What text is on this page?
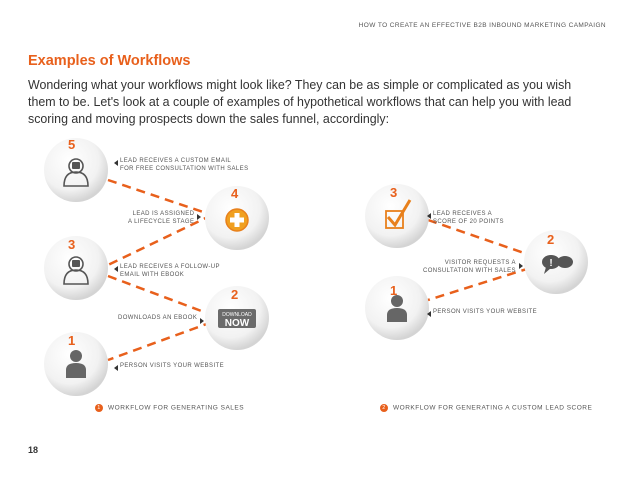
HOW TO CREATE AN EFFECTIVE B2B INBOUND MARKETING CAMPAIGN
Examples of Workflows
Wondering what your workflows might look like? They can be as simple or complicated as you wish them to be. Let's look at a couple of examples of hypothetical workflows that can help you with lead scoring and moving prospects down the sales funnel, accordingly:
DOWNLOAD
NOW
!
5
4
3
2
1
3
2
1
LEAD RECEIVES A CUSTOM EMAIL
FOR FREE CONSULTATION WITH SALES
LEAD IS ASSIGNED
A LIFECYCLE STAGE
LEAD RECEIVES A FOLLOW-UP
EMAIL WITH EBOOK
DOWNLOADS AN EBOOK
PERSON VISITS YOUR WEBSITE
LEAD RECEIVES A
SCORE OF 20 POINTS
VISITOR REQUESTS A
CONSULTATION WITH SALES
PERSON VISITS YOUR WEBSITE
1 WORKFLOW FOR GENERATING SALES	2 WORKFLOW FOR GENERATING A CUSTOM LEAD SCORE
18
